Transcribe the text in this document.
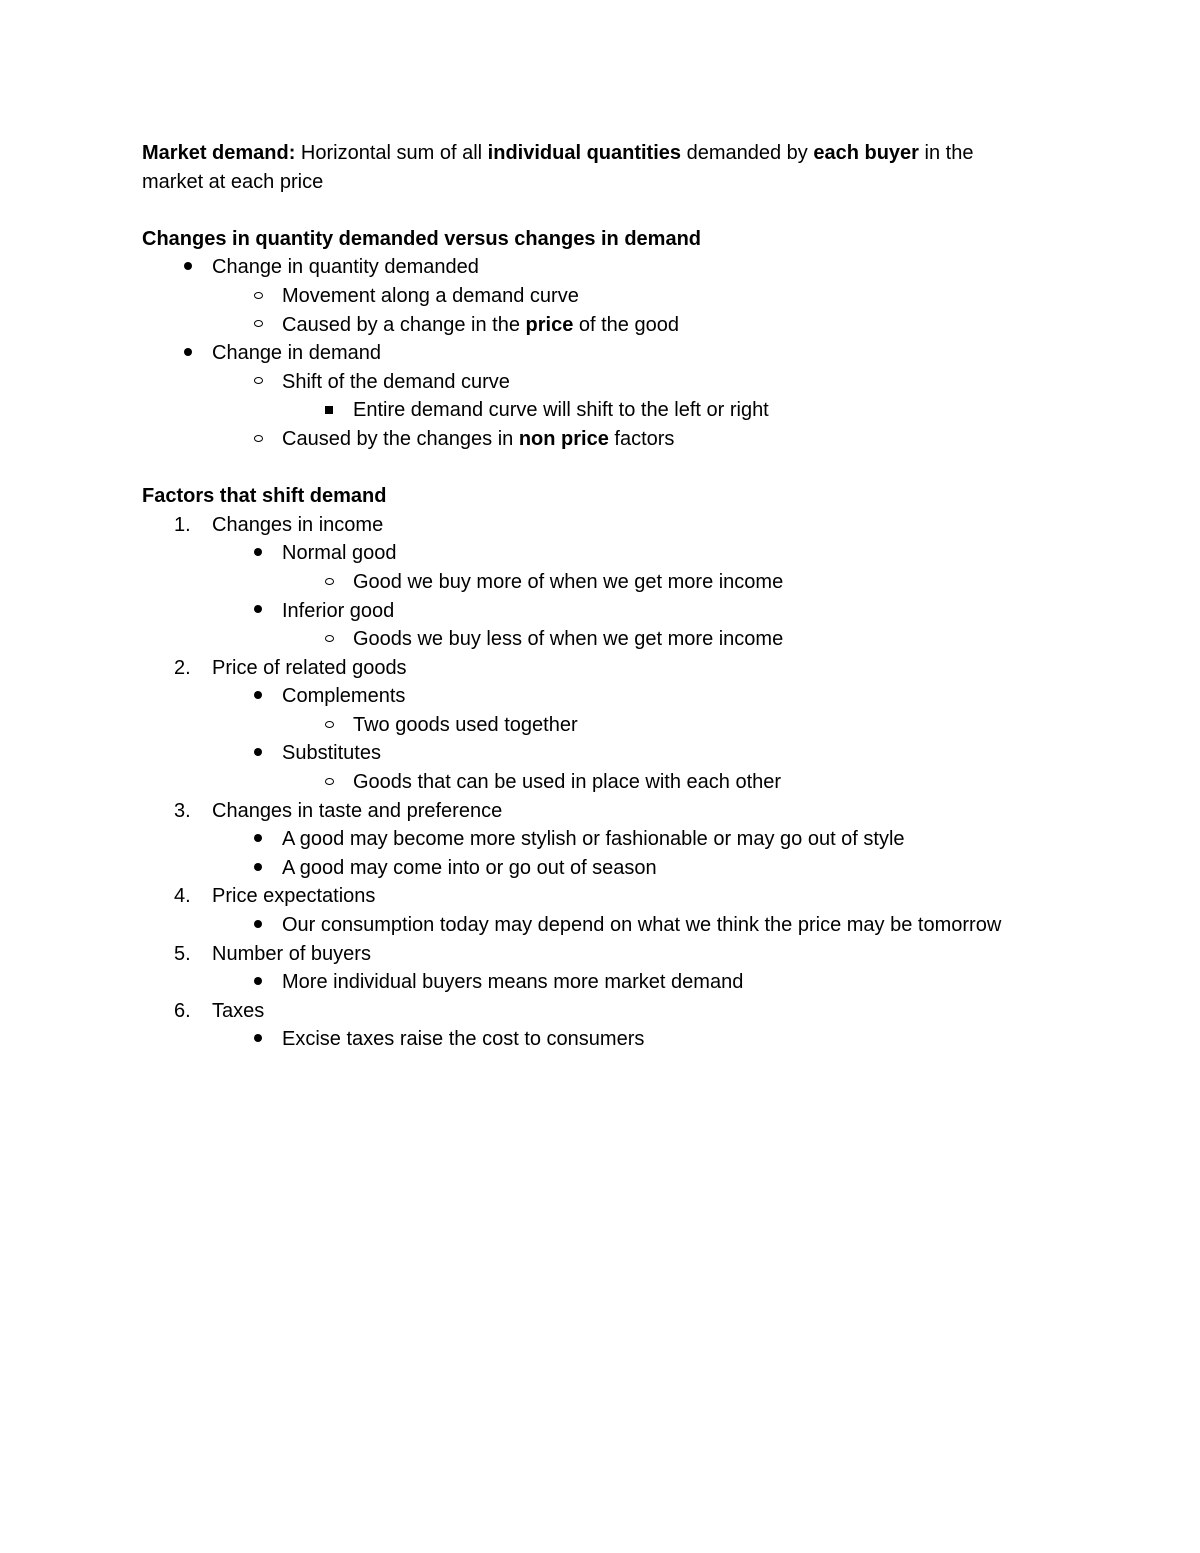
Market demand: Horizontal sum of all individual quantities demanded by each buyer in the
market at each price

Changes in quantity demanded versus changes in demand
Change in quantity demanded
Movement along a demand curve
Caused by a change in the price of the good
Change in demand
Shift of the demand curve
Entire demand curve will shift to the left or right
Caused by the changes in non price factors
Factors that shift demand
1. Changes in income
Normal good
Good we buy more of when we get more income
Inferior good
Goods we buy less of when we get more income
2. Price of related goods
Complements
Two goods used together
Substitutes
Goods that can be used in place with each other
3. Changes in taste and preference
A good may become more stylish or fashionable or may go out of style
A good may come into or go out of season
4. Price expectations
Our consumption today may depend on what we think the price may be tomorrow
5. Number of buyers
More individual buyers means more market demand
6. Taxes
Excise taxes raise the cost to consumers
